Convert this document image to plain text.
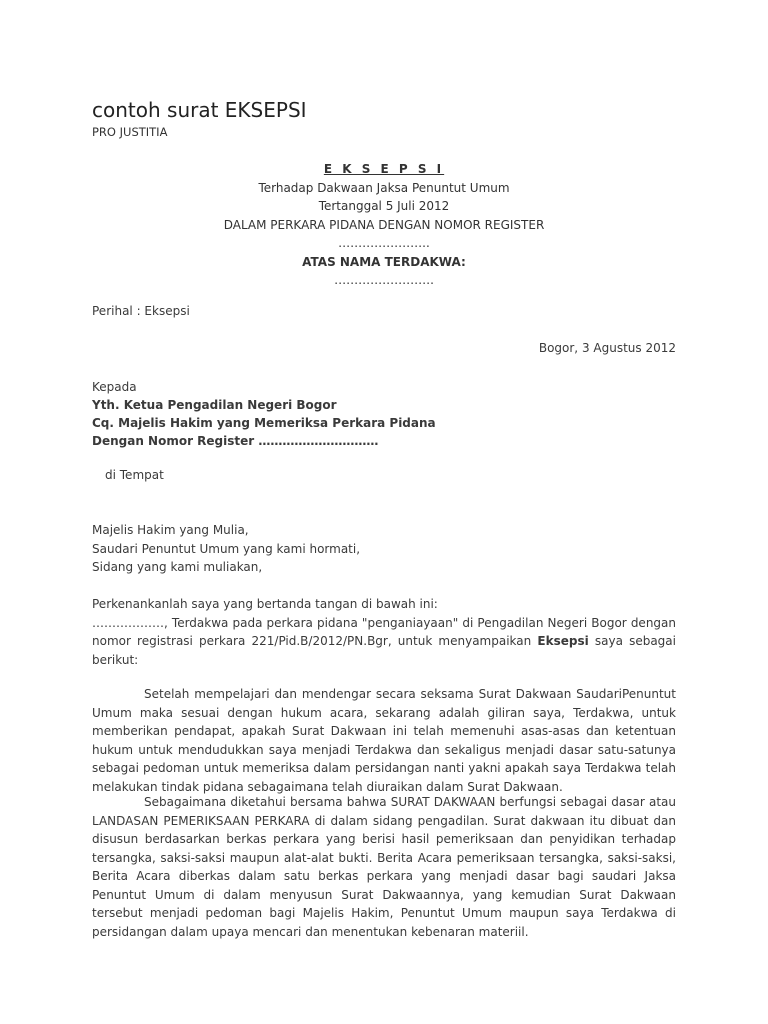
contoh surat EKSEPSI
PRO JUSTITIA
E K S E P S I
Terhadap Dakwaan Jaksa Penuntut Umum
Tertanggal 5 Juli 2012
DALAM PERKARA PIDANA DENGAN NOMOR REGISTER
…………………..
ATAS NAMA TERDAKWA:
…………………….
Perihal : Eksepsi
Bogor, 3 Agustus 2012
Kepada
Yth. Ketua Pengadilan Negeri Bogor
Cq. Majelis Hakim yang Memeriksa Perkara Pidana
Dengan Nomor Register …………………………
di Tempat
Majelis Hakim yang Mulia,
Saudari Penuntut Umum yang kami hormati,
Sidang yang kami muliakan,
Perkenankanlah saya yang bertanda tangan di bawah ini:
………………, Terdakwa pada perkara pidana "penganiayaan" di Pengadilan Negeri Bogor dengan
nomor registrasi perkara 221/Pid.B/2012/PN.Bgr, untuk menyampaikan Eksepsi saya sebagai
berikut:
Setelah mempelajari dan mendengar secara seksama Surat Dakwaan SaudariPenuntut Umum maka sesuai dengan hukum acara, sekarang adalah giliran saya, Terdakwa, untuk memberikan pendapat, apakah Surat Dakwaan ini telah memenuhi asas-asas dan ketentuan hukum untuk mendudukkan saya menjadi Terdakwa dan sekaligus menjadi dasar satu-satunya sebagai pedoman untuk memeriksa dalam persidangan nanti yakni apakah saya Terdakwa telah melakukan tindak pidana sebagaimana telah diuraikan dalam Surat Dakwaan.
Sebagaimana diketahui bersama bahwa SURAT DAKWAAN berfungsi sebagai dasar atau LANDASAN PEMERIKSAAN PERKARA di dalam sidang pengadilan. Surat dakwaan itu dibuat dan disusun berdasarkan berkas perkara yang berisi hasil pemeriksaan dan penyidikan terhadap tersangka, saksi-saksi maupun alat-alat bukti. Berita Acara pemeriksaan tersangka, saksi-saksi, Berita Acara diberkas dalam satu berkas perkara yang menjadi dasar bagi saudari Jaksa Penuntut Umum di dalam menyusun Surat Dakwaannya, yang kemudian Surat Dakwaan tersebut menjadi pedoman bagi Majelis Hakim, Penuntut Umum maupun saya Terdakwa di persidangan dalam upaya mencari dan menentukan kebenaran materiil.
